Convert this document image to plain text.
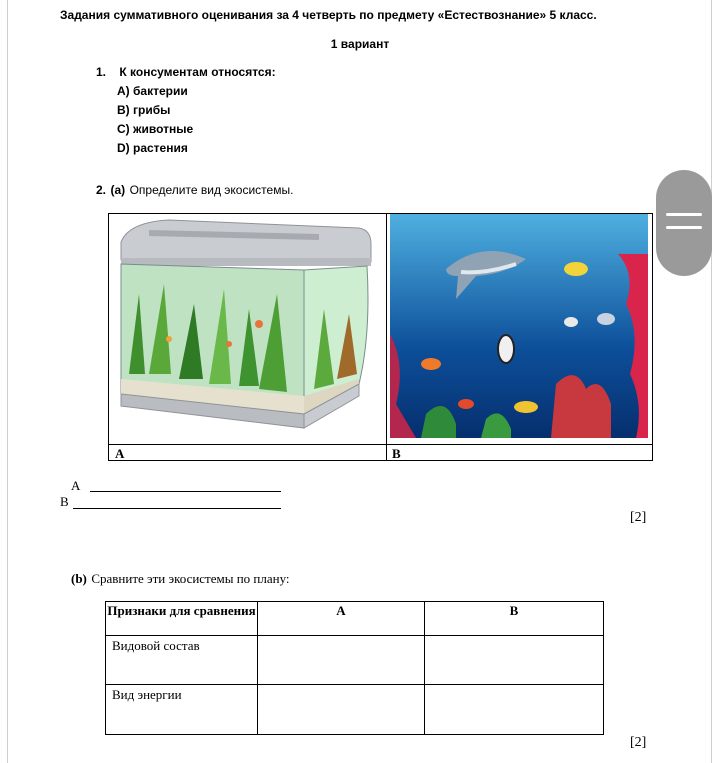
Задания суммативного оценивания за 4 четверть по предмету «Естествознание» 5 класс.
1 вариант
1. К консументам относятся:
A) бактерии
B) грибы
C) животные
D) растения
2. (a) Определите вид экосистемы.
A	B
A
B
[2]
(b) Сравните эти экосистемы по плану:
Признаки для сравнения	A	B
Видовой состав
Вид энергии
[2]
